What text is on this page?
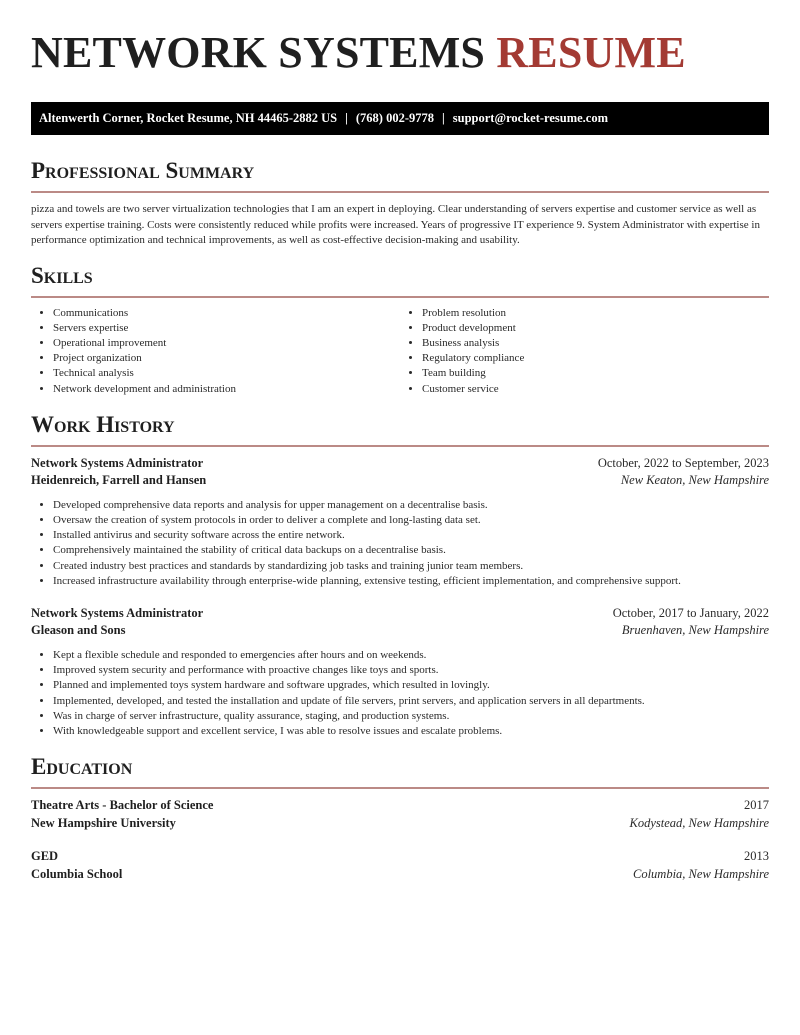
NETWORK SYSTEMS RESUME
Altenwerth Corner, Rocket Resume, NH 44465-2882 US | (768) 002-9778 | support@rocket-resume.com
Professional Summary

pizza and towels are two server virtualization technologies that I am an expert in deploying. Clear understanding of servers expertise and customer service as well as servers expertise training. Costs were consistently reduced while profits were increased. Years of progressive IT experience 9. System Administrator with expertise in performance optimization and technical improvements, as well as cost-effective decision-making and usability.

Skills
• Communications
• Servers expertise
• Operational improvement
• Project organization
• Technical analysis
• Network development and administration
• Problem resolution
• Product development
• Business analysis
• Regulatory compliance
• Team building
• Customer service
Work History
Network Systems Administrator	October, 2022 to September, 2023
Heidenreich, Farrell and Hansen	New Keaton, New Hampshire
• Developed comprehensive data reports and analysis for upper management on a decentralise basis.
• Oversaw the creation of system protocols in order to deliver a complete and long-lasting data set.
• Installed antivirus and security software across the entire network.
• Comprehensively maintained the stability of critical data backups on a decentralise basis.
• Created industry best practices and standards by standardizing job tasks and training junior team members.
• Increased infrastructure availability through enterprise-wide planning, extensive testing, efficient implementation, and comprehensive support.
Network Systems Administrator	October, 2017 to January, 2022
Gleason and Sons	Bruenhaven, New Hampshire
• Kept a flexible schedule and responded to emergencies after hours and on weekends.
• Improved system security and performance with proactive changes like toys and sports.
• Planned and implemented toys system hardware and software upgrades, which resulted in lovingly.
• Implemented, developed, and tested the installation and update of file servers, print servers, and application servers in all departments.
• Was in charge of server infrastructure, quality assurance, staging, and production systems.
• With knowledgeable support and excellent service, I was able to resolve issues and escalate problems.
Education
Theatre Arts - Bachelor of Science	2017
New Hampshire University	Kodystead, New Hampshire
GED	2013
Columbia School	Columbia, New Hampshire
